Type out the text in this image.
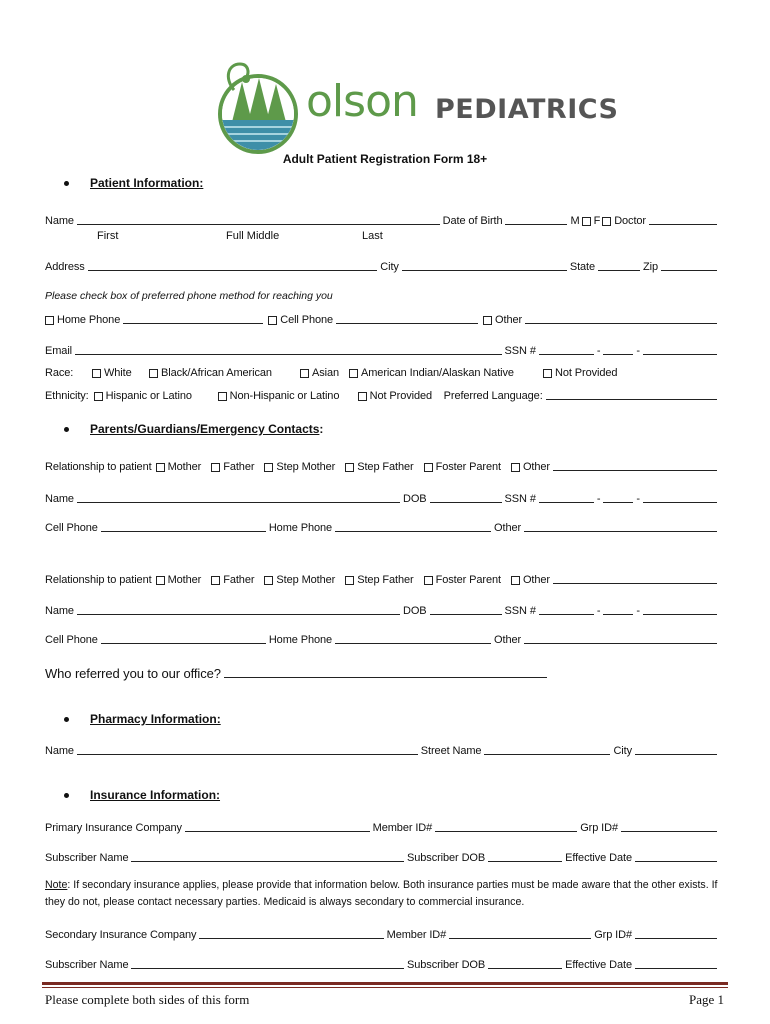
olson PEDIATRICS
Adult Patient Registration Form 18+
Patient Information:
Name	Date of Birth	M F Doctor
First	Full Middle	Last
Address	City	State	Zip
Please check box of preferred phone method for reaching you
Home Phone	Cell Phone	Other
Email	SSN #	-	-
Race:	White	Black/African American	Asian American Indian/Alaskan Native	Not Provided
Ethnicity: Hispanic or Latino	Non-Hispanic or Latino	Not Provided Preferred Language:
Parents/Guardians/Emergency Contacts :
Relationship to patient Mother Father Step Mother Step Father Foster Parent Other
Name	DOB	SSN #	-	-
Cell Phone	Home Phone	Other
Relationship to patient Mother Father Step Mother Step Father Foster Parent Other
Name	DOB	SSN #	-	-
Cell Phone	Home Phone	Other
Who referred you to our office?
Pharmacy Information:
Name	Street Name	City
Insurance Information:
Primary Insurance Company	Member ID#	Grp ID#
Subscriber Name	Subscriber DOB	Effective Date
Note: If secondary insurance applies, please provide that information below. Both insurance parties must be made aware that the other exists. If they do not, please contact necessary parties. Medicaid is always secondary to commercial insurance.
Secondary Insurance Company	Member ID#	Grp ID#
Subscriber Name	Subscriber DOB	Effective Date
Please complete both sides of this form	Page 1
